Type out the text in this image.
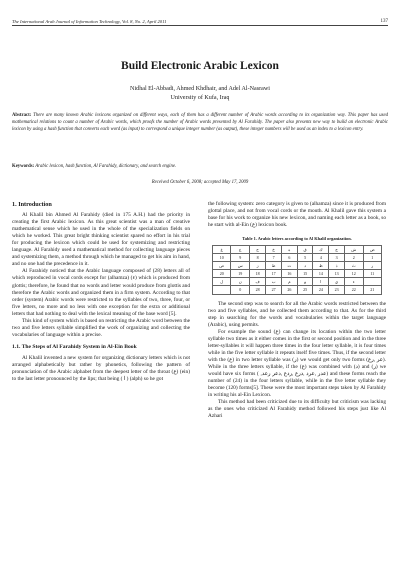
The International Arab Journal of Information Technology, Vol. 8, No. 2, April 2011	137
Build Electronic Arabic Lexicon
Nidhal El-Abbadi, Ahmed Khdhair, and Adel Al-Nasrawi
University of Kufa, Iraq
Abstract: There are many known Arabic lexicons organized on different ways, each of them has a different number of Arabic words according to its organization way. This paper has used mathematical relations to count a number of Arabic words, which proofs the number of Arabic words presented by Al Farahidy. The paper also presents new way to build an electronic Arabic lexicon by using a hash function that converts each word (as input) to correspond a unique integer number (as output), these integer numbers will be used as an index to a lexicon entry.
Keywords: Arabic lexicon, hash function, Al Farahidy, dictionary, and search engine.
Received October 6, 2008; accepted May 17, 2009
1. Introduction

Al Khalil bin Ahmed Al Farahidy (died in 175 A.H.) had the priority in creating the first Arabic lexicon. As this great scientist was a man of creative mathematical sense which he used in the whole of the specialization fields on which he worked. This great bright thinking scientist spared no effort in his trial for producing the lexicon which could be used for systemizing and restricting language. Al Farahidy used a mathematical method for collecting language pieces and systemizing them, a method through which he managed to get his aim in hand, and no one had the precedence in it.

Al Farahidy noticed that the Arabic language composed of (28) letters all of which reproduced in vocal cords except for (alhamza) (ء) which is produced from glottis; therefore, he found that no words and letter would produce from glottis and therefore the Arabic words and organized them in a firm system. According to that order (system) Arabic words were restricted to the syllables of two, three, four, or five letters, no more and no less with one exception for the extra or additional letters that had nothing to deal with the lexical meaning of the base word [5].

This kind of system which is based on restricting the Arabic word between the two and five letters syllable simplified the work of organizing and collecting the vocabularies of language within a precise.

1.1. The Steps of Al Farahidy System in Al-Ein Book

Al Khalil invented a new system for organizing dictionary letters which is not arranged alphabetically but rather by phonetics, following the pattern of pronunciation of the Arabic alphabet from the deepest letter of the throat (ع) (ein) to the last letter pronounced by the lips; that being ( ا ) (alph) so he got

the following system: zero category is given to (alhamza) since it is produced from glottal place, and not from vocal cords or the mouth. Al Khalil gave this system a base for his work to organize his new lexicon, and naming each letter as a book, so he start with al-Ein (ع) lexicon book.

Table 1. Arabic letters according to Al Khalil organization.
غ	ع	ح	خ	ه	ق	ك	ج	ش	ض
10	9	8	7	6	5	4	3	2	1
ص	س	ز	ط	ت	د	ظ	ذ	ث	ر
20	19	18	17	16	15	14	13	12	11
ل	ن	ف	ب	م	و	ا	ي	ء	
	0	28	27	26	25	24	23	22	21

The second step was to search for all the Arabic words restricted between the two and five syllables, and he collected them according to that. As for the third step in searching for the words and vocabularies within the target language (Arabic), using permits.

For example the sound (ع) can change its location within the two letter syllable two times as it either comes in the first or second position and in the three letter-syllables it will happen three times in the four letter syllable, it is four times while in the five letter syllable it repeats itself five times. Thus, if the second letter with the (ع) in two letter syllable was (ر) we would get only two forms (عر ,رع). While in the three letters syllable, if the (ع) was combined with (د) and (ر) we would have six forms ( ,عدر ,عرد ,درع ,ردع ,دعر رعد) and these forms reach the number of (24) in the four letters syllable, while in the five letter syllable they become (120) forms[5]. These were the most important steps taken by Al Farahidy in writing his al-Ein Lexicon.

This method had been criticized due to its difficulty but criticism was lacking as the ones who criticized Al Farahidy method followed his steps just like Al Azhari
